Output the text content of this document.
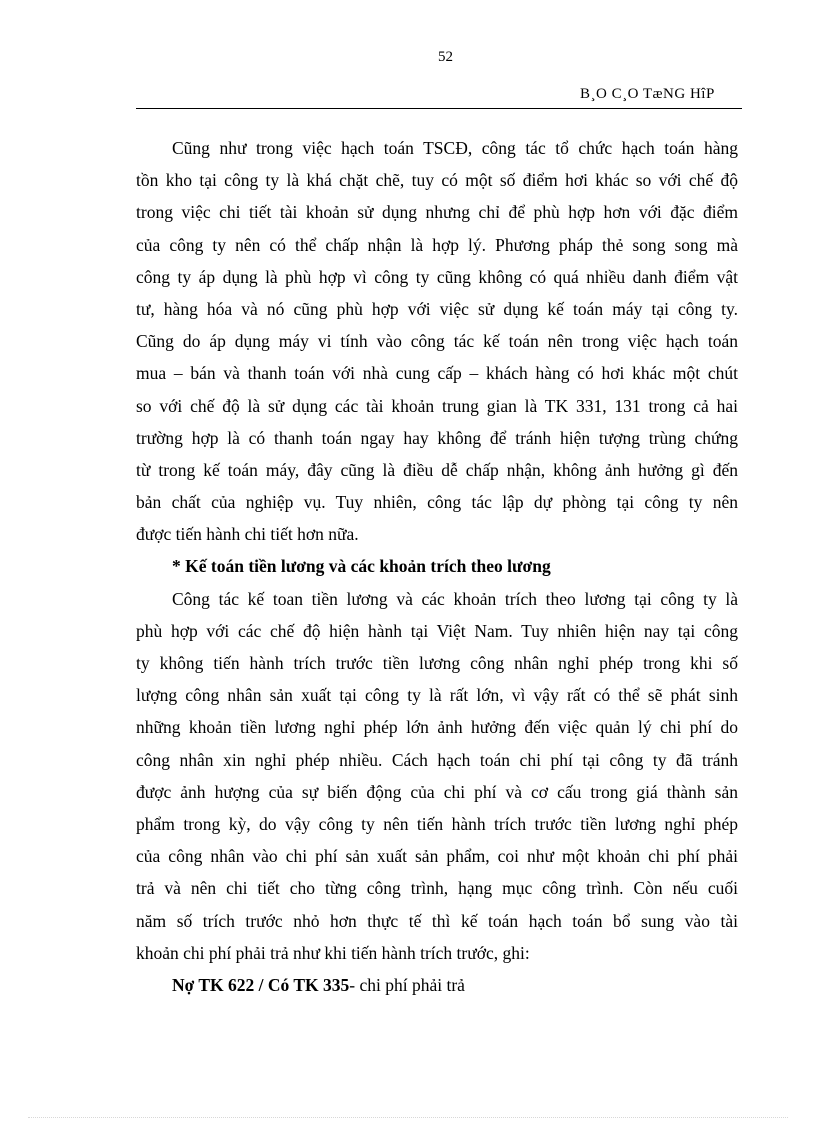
52
B¸O C¸O TæNG HîP
Cũng như trong việc hạch toán TSCĐ, công tác tổ chức hạch toán hàng
tồn kho tại công ty là khá chặt chẽ, tuy có một số điểm hơi khác so với chế độ
trong việc chi tiết tài khoản sử dụng nhưng chỉ để phù hợp hơn với đặc điểm
của công ty nên có thể chấp nhận là hợp lý. Phương pháp thẻ song song mà
công ty áp dụng là phù hợp vì công ty cũng không có quá nhiều danh điểm vật
tư, hàng hóa và nó cũng phù hợp với việc sử dụng kế toán máy tại công ty.
Cũng do áp dụng máy vi tính vào công tác kế toán nên trong việc hạch toán
mua – bán và thanh toán với nhà cung cấp – khách hàng có hơi khác một chút
so với chế độ là sử dụng các tài khoản trung gian là TK 331, 131 trong cả hai
trường hợp là có thanh toán ngay hay không để tránh hiện tượng trùng chứng
từ trong kế toán máy, đây cũng là điều dễ chấp nhận, không ảnh hưởng gì đến
bản chất của nghiệp vụ. Tuy nhiên, công tác lập dự phòng tại công ty nên
được tiến hành chi tiết hơn nữa.
* Kế toán tiền lương và các khoản trích theo lương
Công tác kế toan tiền lương và các khoản trích theo lương tại công ty là
phù hợp với các chế độ hiện hành tại Việt Nam. Tuy nhiên hiện nay tại công
ty không tiến hành trích trước tiền lương công nhân nghỉ phép trong khi số
lượng công nhân sản xuất tại công ty là rất lớn, vì vậy rất có thể sẽ phát sinh
những khoản tiền lương nghỉ phép lớn ảnh hưởng đến việc quản lý chi phí do
công nhân xin nghỉ phép nhiều. Cách hạch toán chi phí tại công ty đã tránh
được ảnh hượng của sự biến động của chi phí và cơ cấu trong giá thành sản
phẩm trong kỳ, do vậy công ty nên tiến hành trích trước tiền lương nghỉ phép
của công nhân vào chi phí sản xuất sản phẩm, coi như một khoản chi phí phải
trả và nên chi tiết cho từng công trình, hạng mục công trình. Còn nếu cuối
năm số trích trước nhỏ hơn thực tế thì kế toán hạch toán bổ sung vào tài
khoản chi phí phải trả như khi tiến hành trích trước, ghi:
Nợ TK 622 / Có TK 335- chi phí phải trả
